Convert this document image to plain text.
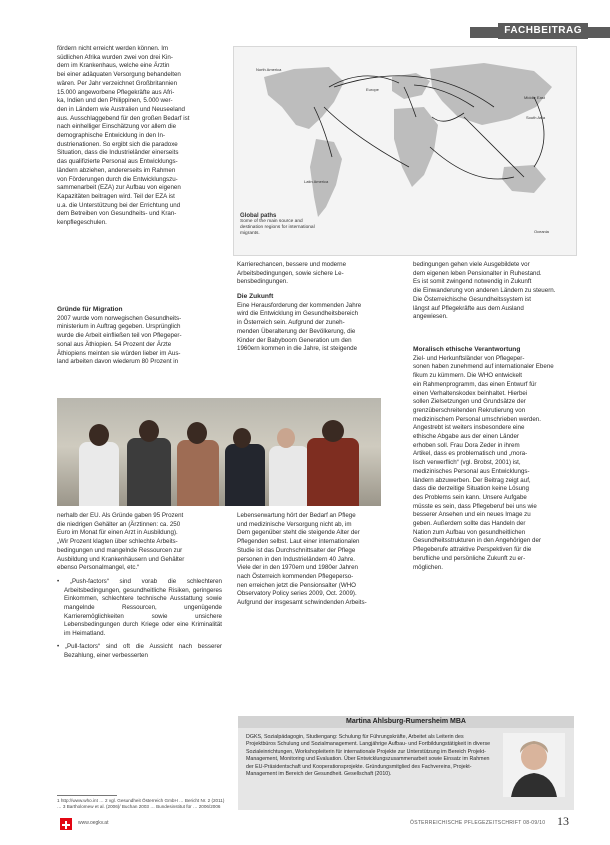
FACHBEITRAG

fördern nicht erreicht werden können. Im

südlichen Afrika wurden zwei von drei Kin-

dern im Krankenhaus, welche eine Ärztin

bei einer adäquaten Versorgung behandelten

wären. Per Jahr verzeichnet Großbritannien

15.000 angeworbene Pflegekräfte aus Afri-

ka, Indien und den Philippinen, 5.000 wer-

den in Ländern wie Australien und Neuseeland

aus. Ausschlaggebend für den großen Bedarf ist

nach einhelliger Einschätzung vor allem die

demographische Entwicklung in den In-

dustrienationen. So ergibt sich die paradoxe

Situation, dass die Industrieländer einerseits

das qualifizierte Personal aus Entwicklungs-

ländern abziehen, andererseits im Rahmen

von Förderungen durch die Entwicklungszu-

sammenarbeit (EZA) zur Aufbau von eigenen

Kapazitäten beitragen wird. Teil der EZA ist

u.a. die Unterstützung bei der Errichtung und

dem Betreiben von Gesundheits- und Kran-

kenpflegeschulen.

Gründe für Migration

2007 wurde vom norwegischen Gesundheits-

ministerium in Auftrag gegeben. Ursprünglich

wurde die Arbeit einfließen teil von Pflegeper-

sonal aus Äthiopien. 54 Prozent der Ärzte

Äthiopiens meinten sie würden lieber im Aus-

land arbeiten davon wiederum 80 Prozent in

North America
Europe
Middle East
South Asia
Latin America
Oceania
Global paths
Some of the main source and destination regions for international migrants.

Karrierechancen, bessere und moderne

Arbeitsbedingungen, sowie sichere Le-

bensbedingungen.

Die Zukunft

Eine Herausforderung der kommenden Jahre

wird die Entwicklung im Gesundheitsbereich

in Österreich sein. Aufgrund der zuneh-

menden Überalterung der Bevölkerung, die

Kinder der Babyboom Generation um den

1960ern kommen in die Jahre, ist steigende

bedingungen gehen viele Ausgebildete vor

dem eigenen leben Pensionalter in Ruhestand.

Es ist somit zwingend notwendig in Zukunft

die Einwanderung von anderen Ländern zu steuern.

Die Österreichische Gesundheitssystem ist

längst auf Pflegekräfte aus dem Ausland

angewiesen.

Moralisch ethische Verantwortung

Ziel- und Herkunftsländer von Pflegeper-

sonen haben zunehmend auf internationaler Ebene

fikum zu kümmern. Die WHO entwickelt

ein Rahmenprogramm, das einen Entwurf für

einen Verhaltenskodex beinhaltet. Hierbei

sollen Zielsetzungen und Grundsätze der

grenzüberschreitenden Rekrutierung von

medizinischem Personal umschrieben werden.

Angestrebt ist weiters insbesondere eine

ethische Abgabe aus der einen Länder

erhoben soll. Frau Dora Zeder in ihrem

Artikel, dass es problematisch und „mora-

lisch verwerflich“ (vgl. Brobst, 2001) ist,

medizinisches Personal aus Entwicklungs-

ländern abzuwerben. Der Beitrag zeigt auf,

dass die derzeitige Situation keine Lösung

des Problems sein kann. Unsere Aufgabe

müsste es sein, dass Pflegeberuf bei uns wie

besserer Ansehen und ein neues Image zu

geben. Außerdem sollte das Handeln der

Nation zum Aufbau von gesundheitlichen

Gesundheitsstrukturen in den Angehörigen der

Pflegeberufe attraktive Perspektiven für die

berufliche und persönliche Zukunft zu er-

möglichen.

nerhalb der EU. Als Gründe gaben 95 Prozent

die niedrigen Gehälter an (Ärztinnen: ca. 250

Euro im Monat für einen Arzt in Ausbildung).

„Wir Prozent klagten über schlechte Arbeits-

bedingungen und mangelnde Ressourcen zur

Ausbildung und Krankenhäusern und Gehälter

ebenso Personalmangel, etc.“

• „Push-factors“ sind vorab die schlechteren Arbeitsbedingungen, gesundheitliche Risiken, geringeres Einkommen, schlechtere technische Ausstattung sowie mangelnde Ressourcen, ungenügende Karrieremöglichkeiten sowie unsichere Lebensbedingungen durch Kriege oder eine Kriminalität im Heimatland.

• „Pull-factors“ sind oft die Aussicht nach besserer Bezahlung, einer verbesserten

Lebenserwartung hört der Bedarf an Pflege

und medizinische Versorgung nicht ab, im

Dem gegenüber steht die steigende Alter der

Pflegenden selbst. Laut einer internationalen

Studie ist das Durchschnittsalter der Pflege

personen in den Industrieländern 40 Jahre.

Viele der in den 1970ern und 1980er Jahren

nach Österreich kommenden Pflegeperso-

nen erreichen jetzt die Pensionsalter (WHO

Observatory Policy series 2009, Oct. 2009).

Aufgrund der insgesamt schwindenden Arbeits-

Martina Ahlsburg-Rumersheim MBA
DGKS, Sozialpädagogin, Studiengang: Schulung für Führungskräfte, Arbeitet als Leiterin des Projektbüros Schulung und Sozialmanagement. Langjährige Aufbau- und Fortbildungstätigkeit in diverse Sozialeinrichtungen, Workshopleiterin für internationale Projekte zur Unterstützung im Bereich Projekt-Management, Monitoring und Evaluation. Über Entwicklungszusammenarbeit sowie Einsatz im Rahmen der EU-Präsidentschaft und Kooperationsprojekte. Gründungsmitglied des Fachvereins, Projekt-Management im Bereich der Gesundheit. Gesellschaft (2010).
1 http://www.who.int … 2 vgl. Gesundheit Österreich GmbH … Bericht Nr. 2 (2011) … 3 Bartholomew et al. (2006)/ Buchan 2003 … Bundesinstitut für … 2006/2006
www.oegkv.at	ÖSTERREICHISCHE PFLEGEZEITSCHRIFT 08-09/10 13
